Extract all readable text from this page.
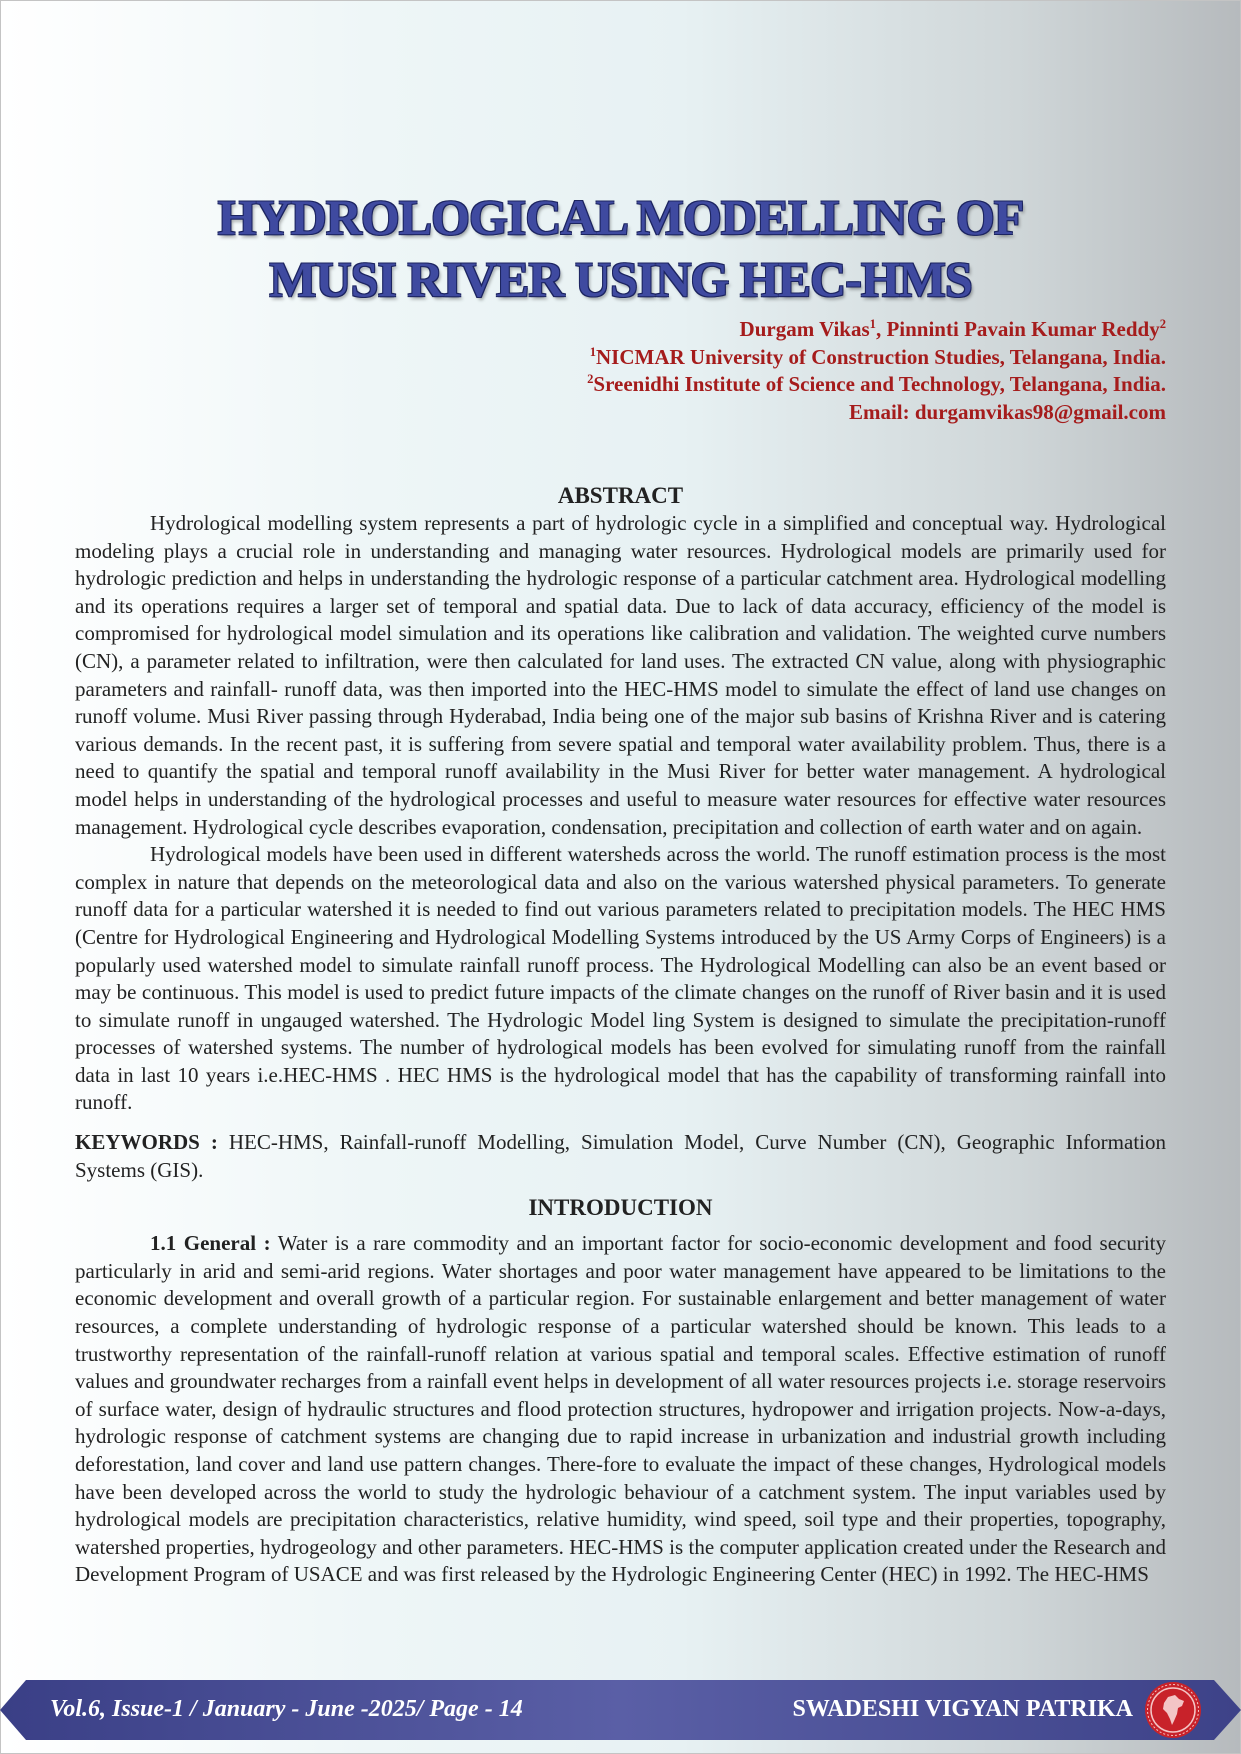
HYDROLOGICAL MODELLING OF
MUSI RIVER USING HEC-HMS
Durgam Vikas$^1$, Pinninti Pavain Kumar Reddy$^2$
$^1$NICMAR University of Construction Studies, Telangana, India.
$^2$Sreenidhi Institute of Science and Technology, Telangana, India.
Email: durgamvikas98@gmail.com
ABSTRACT

Hydrological modelling system represents a part of hydrologic cycle in a simplified and conceptual way. Hydrological modeling plays a crucial role in understanding and managing water resources. Hydrological models are primarily used for hydrologic prediction and helps in understanding the hydrologic response of a particular catchment area. Hydrological modelling and its operations requires a larger set of temporal and spatial data. Due to lack of data accuracy, efficiency of the model is compromised for hydrological model simulation and its operations like calibration and validation. The weighted curve numbers (CN), a parameter related to infiltration, were then calculated for land uses. The extracted CN value, along with physiographic parameters and rainfall- runoff data, was then imported into the HEC-HMS model to simulate the effect of land use changes on runoff volume. Musi River passing through Hyderabad, India being one of the major sub basins of Krishna River and is catering various demands. In the recent past, it is suffering from severe spatial and temporal water availability problem. Thus, there is a need to quantify the spatial and temporal runoff availability in the Musi River for better water management. A hydrological model helps in understanding of the hydrological processes and useful to measure water resources for effective water resources management. Hydrological cycle describes evaporation, condensation, precipitation and collection of earth water and on again.

Hydrological models have been used in different watersheds across the world. The runoff estimation process is the most complex in nature that depends on the meteorological data and also on the various watershed physical parameters. To generate runoff data for a particular watershed it is needed to find out various parameters related to precipitation models. The HEC HMS (Centre for Hydrological Engineering and Hydrological Modelling Systems introduced by the US Army Corps of Engineers) is a popularly used watershed model to simulate rainfall runoff process. The Hydrological Modelling can also be an event based or may be continuous. This model is used to predict future impacts of the climate changes on the runoff of River basin and it is used to simulate runoff in ungauged watershed. The Hydrologic Model ling System is designed to simulate the precipitation-runoff processes of watershed systems. The number of hydrological models has been evolved for simulating runoff from the rainfall data in last 10 years i.e.HEC-HMS . HEC HMS is the hydrological model that has the capability of transforming rainfall into runoff.

KEYWORDS : HEC-HMS, Rainfall-runoff Modelling, Simulation Model, Curve Number (CN), Geographic Information Systems (GIS).

INTRODUCTION

1.1 General : Water is a rare commodity and an important factor for socio-economic development and food security particularly in arid and semi-arid regions. Water shortages and poor water management have appeared to be limitations to the economic development and overall growth of a particular region. For sustainable enlargement and better management of water resources, a complete understanding of hydrologic response of a particular watershed should be known. This leads to a trustworthy representation of the rainfall-runoff relation at various spatial and temporal scales. Effective estimation of runoff values and groundwater recharges from a rainfall event helps in development of all water resources projects i.e. storage reservoirs of surface water, design of hydraulic structures and flood protection structures, hydropower and irrigation projects. Now-a-days, hydrologic response of catchment systems are changing due to rapid increase in urbanization and industrial growth including deforestation, land cover and land use pattern changes. There-fore to evaluate the impact of these changes, Hydrological models have been developed across the world to study the hydrologic behaviour of a catchment system. The input variables used by hydrological models are precipitation characteristics, relative humidity, wind speed, soil type and their properties, topography, watershed properties, hydrogeology and other parameters. HEC-HMS is the computer application created under the Research and Development Program of USACE and was first released by the Hydrologic Engineering Center (HEC) in 1992. The HEC-HMS

Vol.6, Issue-1 / January - June -2025/ Page - 14	SWADESHI VIGYAN PATRIKA
